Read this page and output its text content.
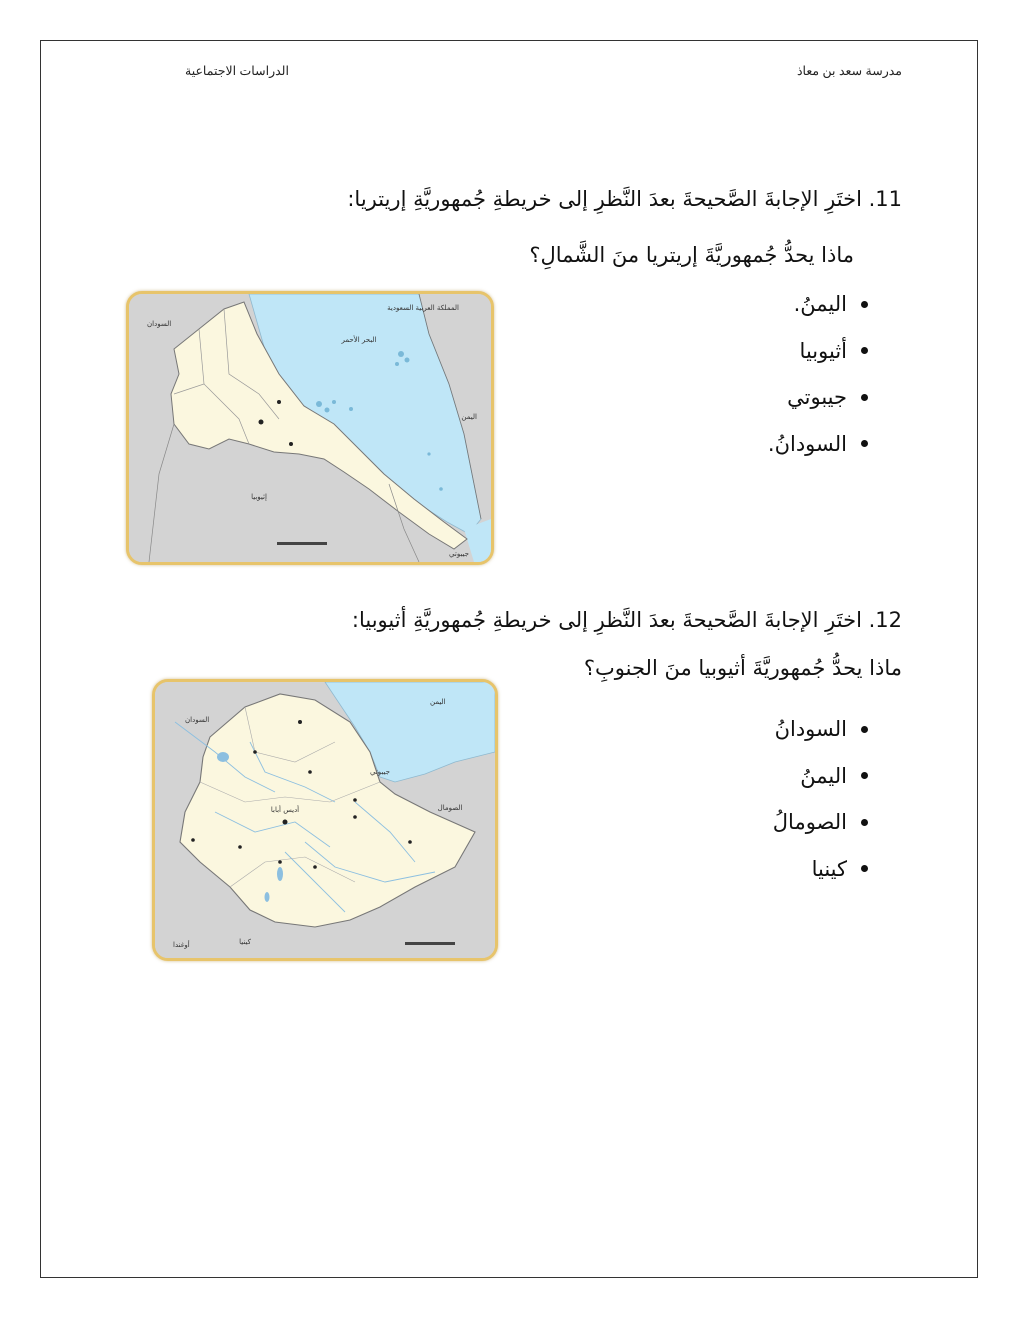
مدرسة سعد بن معاذ
الدراسات الاجتماعية
11. اختَرِ الإجابةَ الصَّحيحةَ بعدَ النَّظرِ إلى خريطةِ جُمهوريَّةِ إريتريا:
ماذا يحدُّ جُمهوريَّةَ إريتريا منَ الشَّمالِ؟
اليمنُ.
أثيوبيا
جيبوتي
السودانُ.
السودان
المملكة العربية السعودية
البحر الأحمر
اليمن
إثيوبيا
جيبوتي
12. اختَرِ الإجابةَ الصَّحيحةَ بعدَ النَّظرِ إلى خريطةِ جُمهوريَّةِ أثيوبيا:
ماذا يحدُّ جُمهوريَّةَ أثيوبيا منَ الجنوبِ؟
السودانُ
اليمنُ
الصومالُ
كينيا
السودان
اليمن
الصومال
كينيا
أوغندا
جيبوتي
أديس أبابا
